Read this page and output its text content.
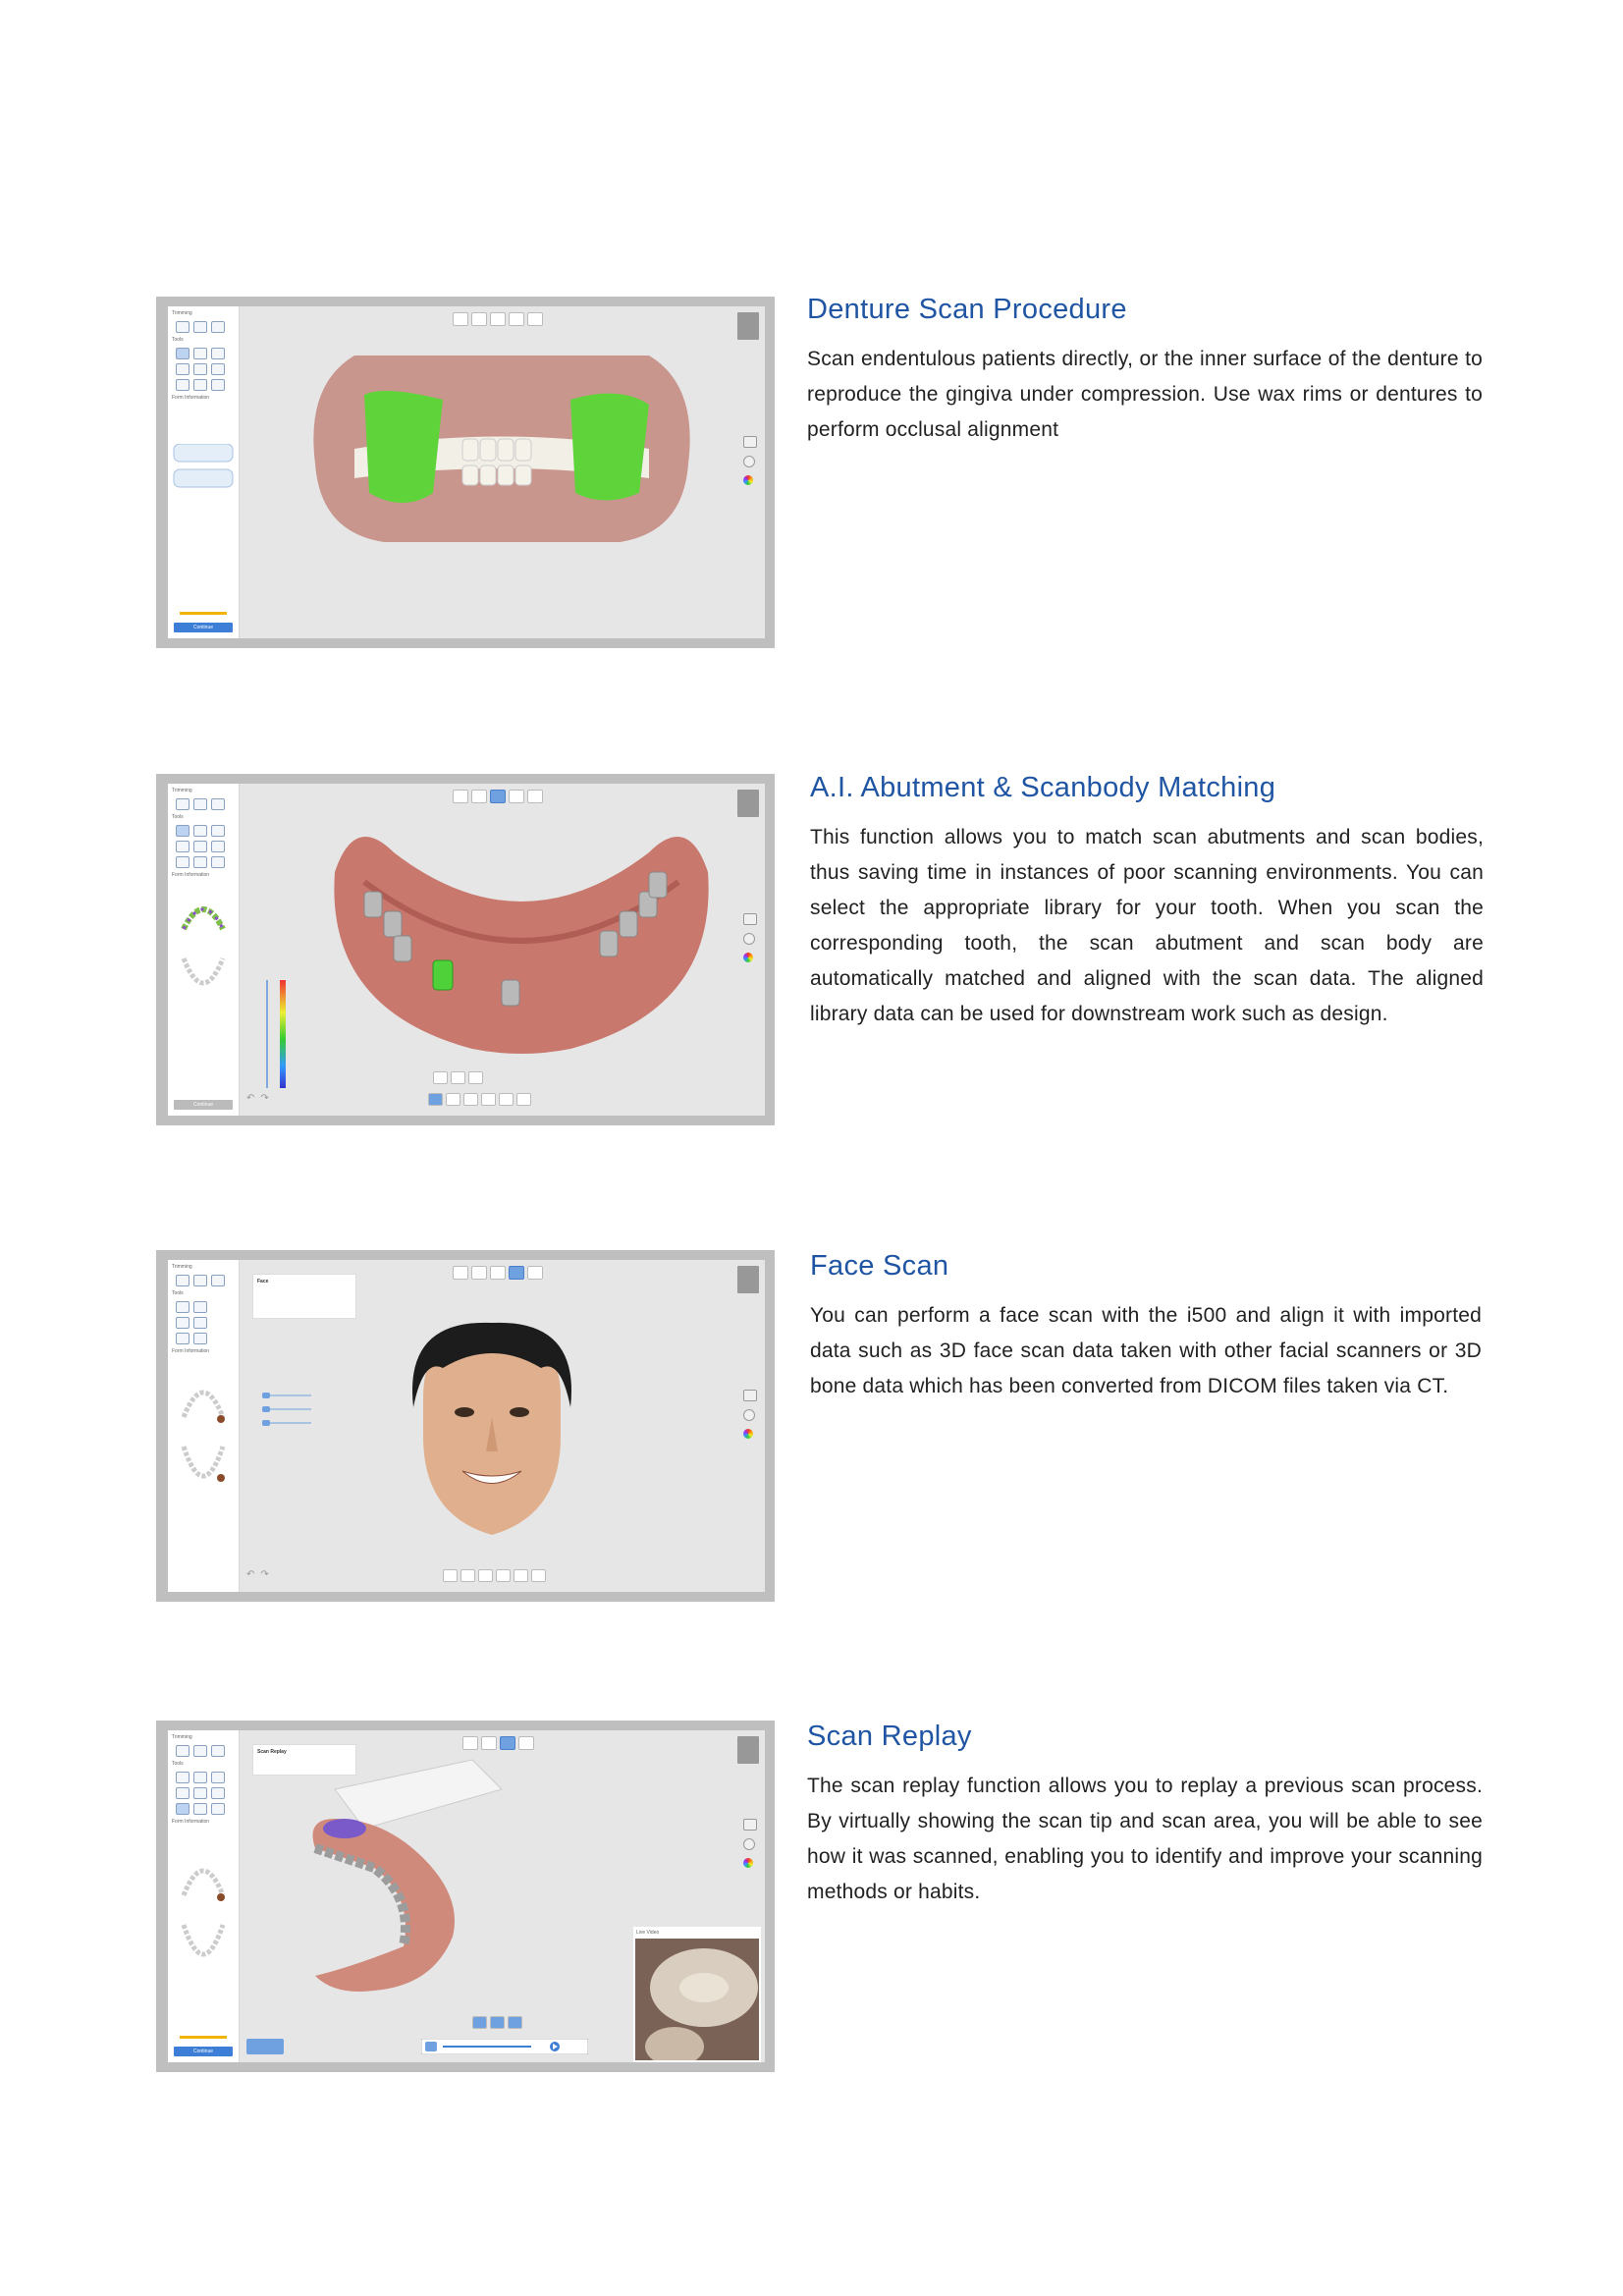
Trimming
Tools
Form Information
Continue
Denture Scan Procedure

Scan endentulous patients directly, or the inner surface of the denture to reproduce the gingiva under compression. Use wax rims or dentures to perform occlusal alignment

Trimming
Tools
Form Information
Continue
↶ ↷
A.I. Abutment & Scanbody Matching

This function allows you to match scan abutments and scan bodies, thus saving time in instances of poor scanning environments. You can select the appropriate library for your tooth. When you scan the corresponding tooth, the scan abutment and scan body are automatically matched and aligned with the scan data. The aligned library data can be used for downstream work such as design.

Trimming
Tools
Form Information
Face
↶ ↷
Face Scan

You can perform a face scan with the i500 and align it with imported data such as 3D face scan data taken with other facial scanners or 3D bone data which has been converted from DICOM files taken via CT.

Trimming
Tools
Form Information
Continue
Scan Replay
Live Video
Scan Replay

The scan replay function allows you to replay a previous scan process. By virtually showing the scan tip and scan area, you will be able to see how it was scanned, enabling you to identify and improve your scanning methods or habits.
